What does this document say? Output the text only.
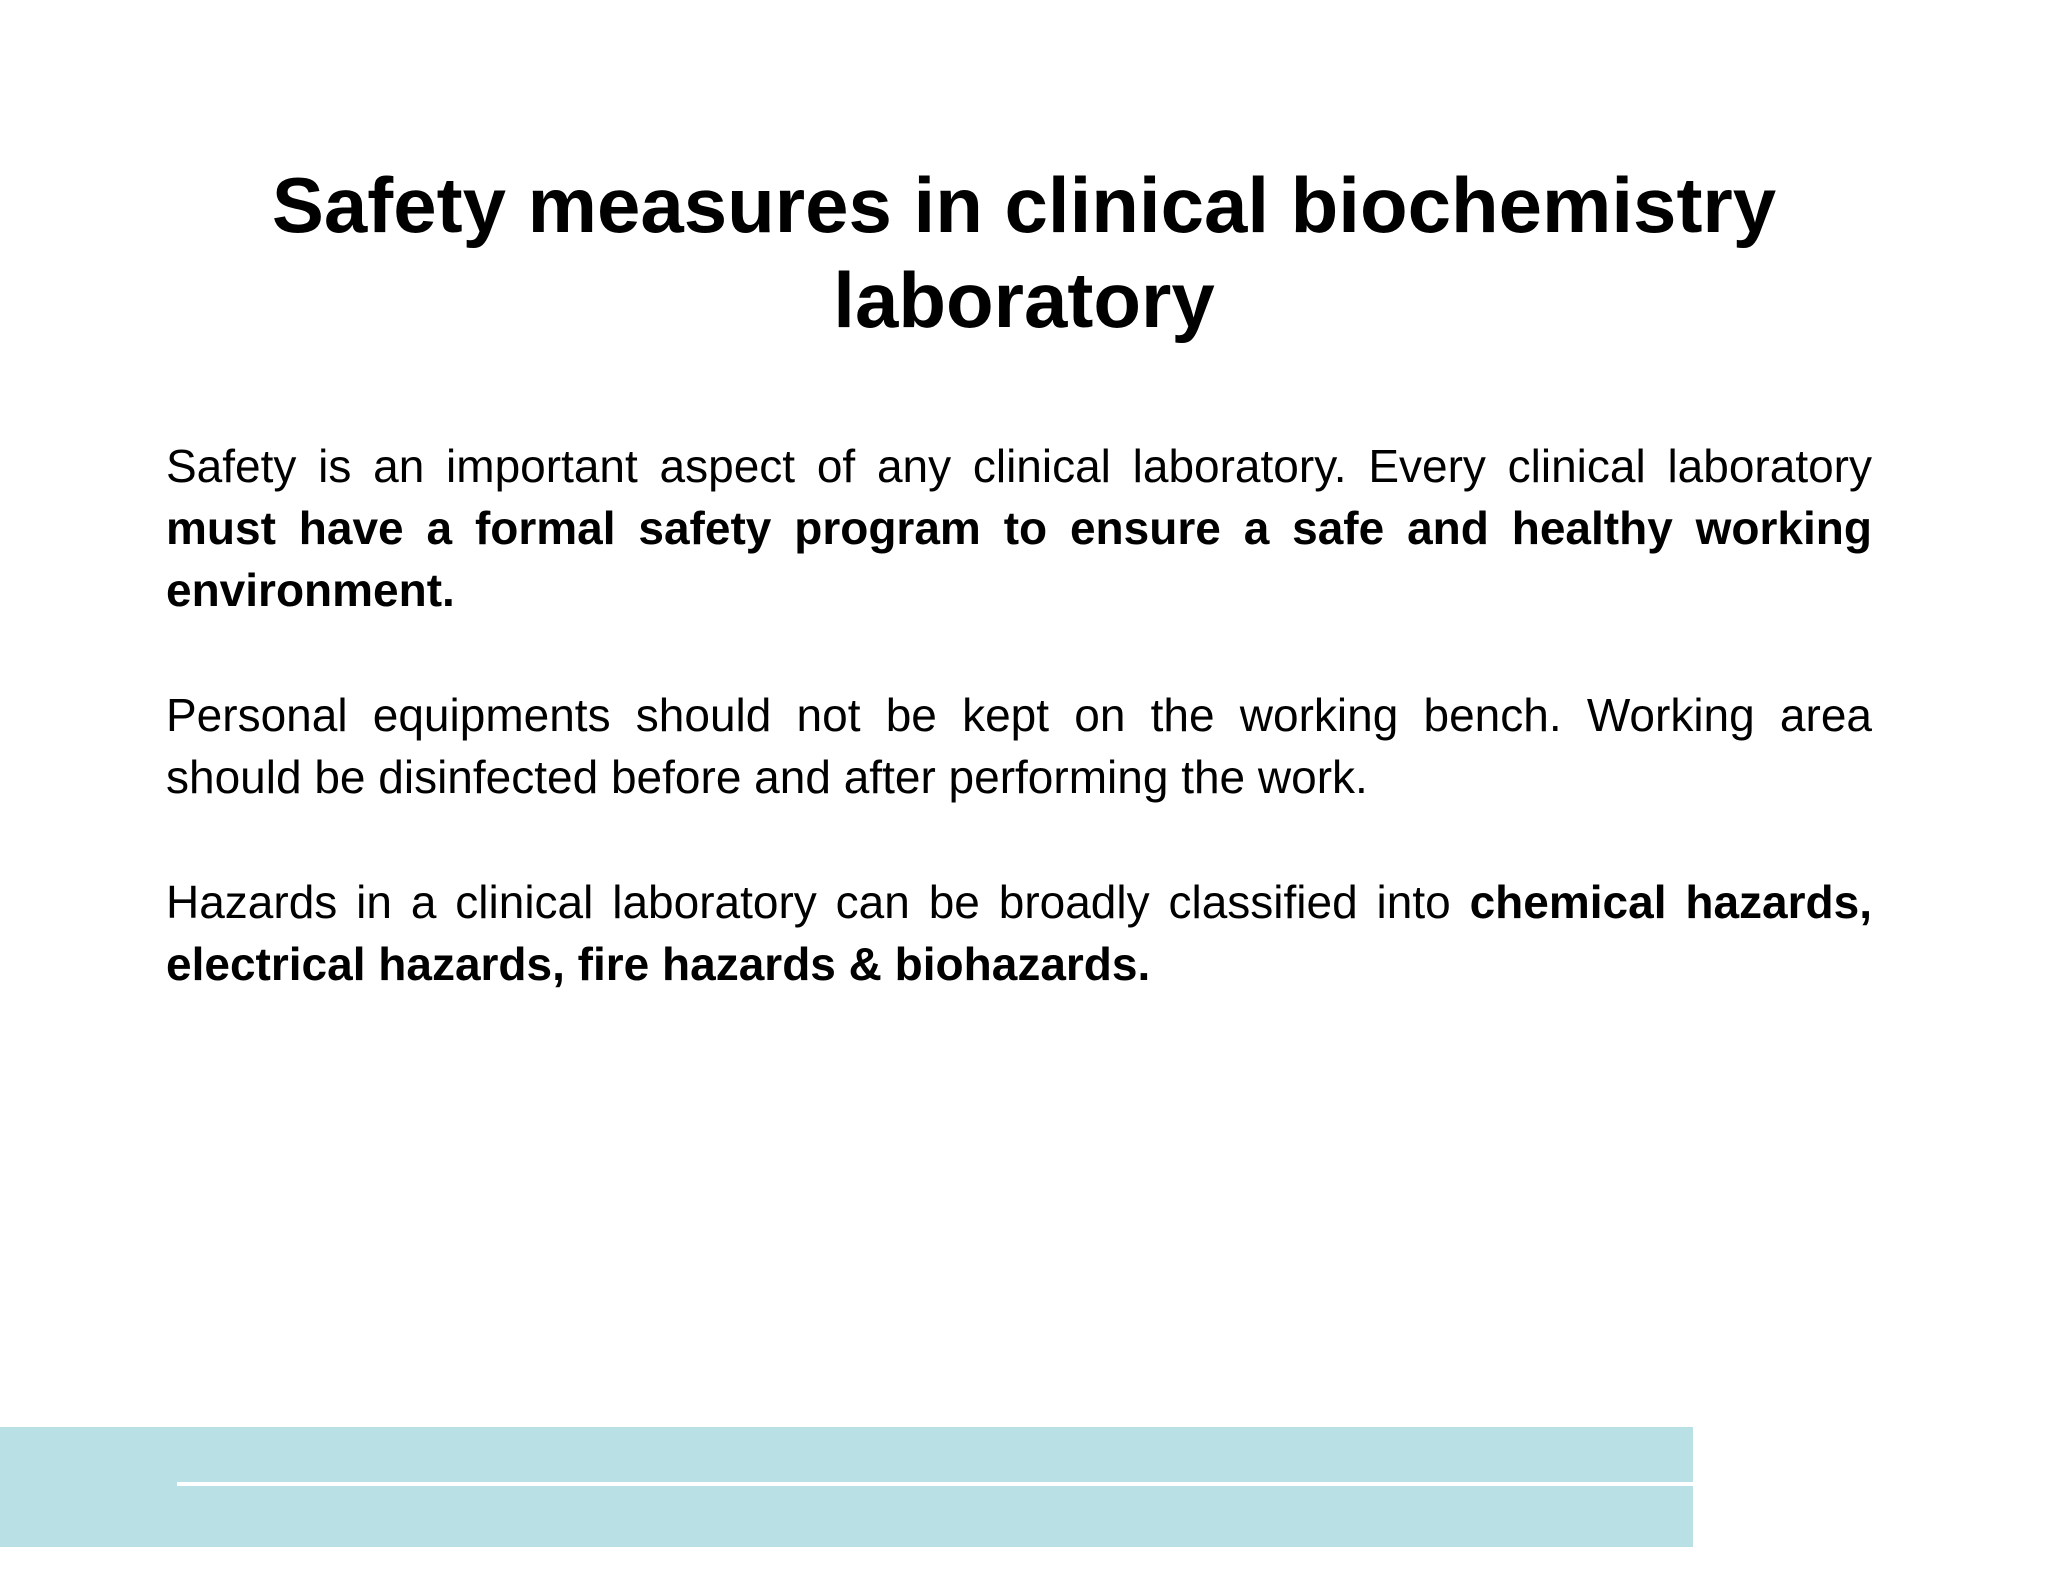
Safety measures in clinical biochemistry
laboratory

Safety is an important aspect of any clinical laboratory. Every clinical laboratory must have a formal safety program to ensure a safe and healthy working environment.

Personal equipments should not be kept on the working bench. Working area should be disinfected before and after performing the work.

Hazards in a clinical laboratory can be broadly classified into chemical hazards, electrical hazards, fire hazards & biohazards.
